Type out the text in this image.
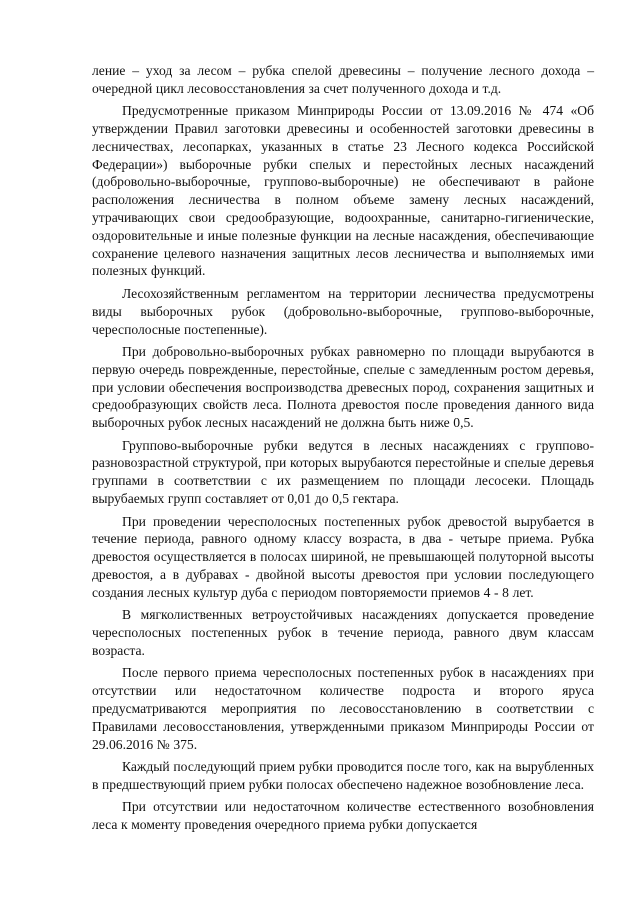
ление – уход за лесом – рубка спелой древесины – получение лесного дохода – очередной цикл лесовосстановления за счет полученного дохода и т.д.

Предусмотренные приказом Минприроды России от 13.09.2016 № 474 «Об утверждении Правил заготовки древесины и особенностей заготовки древесины в лесничествах, лесопарках, указанных в статье 23 Лесного кодекса Российской Федерации») выборочные рубки спелых и перестойных лесных насаждений (добровольно-выборочные, группово-выборочные) не обеспечивают в районе расположения лесничества в полном объеме замену лесных насаждений, утрачивающих свои средообразующие, водоохранные, санитарно-гигиенические, оздоровительные и иные полезные функции на лесные насаждения, обеспечивающие сохранение целевого назначения защитных лесов лесничества и выполняемых ими полезных функций.

Лесохозяйственным регламентом на территории лесничества предусмотрены виды выборочных рубок (добровольно-выборочные, группово-выборочные, чересполосные постепенные).

При добровольно-выборочных рубках равномерно по площади вырубаются в первую очередь поврежденные, перестойные, спелые с замедленным ростом деревья, при условии обеспечения воспроизводства древесных пород, сохранения защитных и средообразующих свойств леса. Полнота древостоя после проведения данного вида выборочных рубок лесных насаждений не должна быть ниже 0,5.

Группово-выборочные рубки ведутся в лесных насаждениях с группово-разновозрастной структурой, при которых вырубаются перестойные и спелые деревья группами в соответствии с их размещением по площади лесосеки. Площадь вырубаемых групп составляет от 0,01 до 0,5 гектара.

При проведении чересполосных постепенных рубок древостой вырубается в течение периода, равного одному классу возраста, в два - четыре приема. Рубка древостоя осуществляется в полосах шириной, не превышающей полуторной высоты древостоя, а в дубравах - двойной высоты древостоя при условии последующего создания лесных культур дуба с периодом повторяемости приемов 4 - 8 лет.

В мягколиственных ветроустойчивых насаждениях допускается проведение чересполосных постепенных рубок в течение периода, равного двум классам возраста.

После первого приема чересполосных постепенных рубок в насаждениях при отсутствии или недостаточном количестве подроста и второго яруса предусматриваются мероприятия по лесовосстановлению в соответствии с Правилами лесовосстановления, утвержденными приказом Минприроды России от 29.06.2016 № 375.

Каждый последующий прием рубки проводится после того, как на вырубленных в предшествующий прием рубки полосах обеспечено надежное возобновление леса.

При отсутствии или недостаточном количестве естественного возобновления леса к моменту проведения очередного приема рубки допускается
